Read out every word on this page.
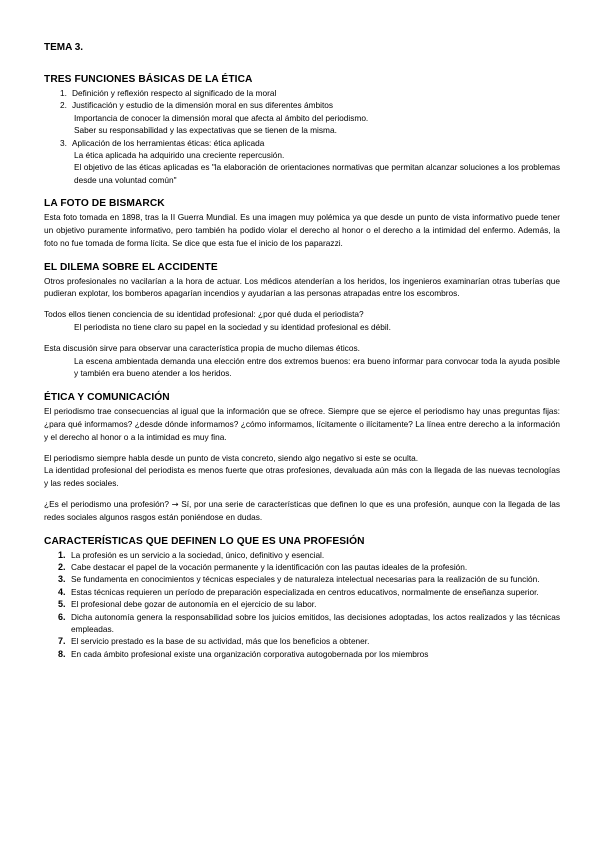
TEMA 3.
TRES FUNCIONES BÁSICAS DE LA ÉTICA
1. Definición y reflexión respecto al significado de la moral
2. Justificación y estudio de la dimensión moral en sus diferentes ámbitos
Importancia de conocer la dimensión moral que afecta al ámbito del periodismo.
Saber su responsabilidad y las expectativas que se tienen de la misma.
3. Aplicación de los herramientas éticas: ética aplicada
La ética aplicada ha adquirido una creciente repercusión.
El objetivo de las éticas aplicadas es "la elaboración de orientaciones normativas que permitan alcanzar soluciones a los problemas desde una voluntad común"
LA FOTO DE BISMARCK

Esta foto tomada en 1898, tras la II Guerra Mundial. Es una imagen muy polémica ya que desde un punto de vista informativo puede tener un objetivo puramente informativo, pero también ha podido violar el derecho al honor o el derecho a la intimidad del enfermo. Además, la foto no fue tomada de forma lícita. Se dice que esta fue el inicio de los paparazzi.

EL DILEMA SOBRE EL ACCIDENTE

Otros profesionales no vacilarían a la hora de actuar. Los médicos atenderían a los heridos, los ingenieros examinarían otras tuberías que pudieran explotar, los bomberos apagarían incendios y ayudarían a las personas atrapadas entre los escombros.

Todos ellos tienen conciencia de su identidad profesional: ¿por qué duda el periodista?

El periodista no tiene claro su papel en la sociedad y su identidad profesional es débil.

Esta discusión sirve para observar una característica propia de mucho dilemas éticos.

La escena ambientada demanda una elección entre dos extremos buenos: era bueno informar para convocar toda la ayuda posible y también era bueno atender a los heridos.

ÉTICA Y COMUNICACIÓN

El periodismo trae consecuencias al igual que la información que se ofrece. Siempre que se ejerce el periodismo hay unas preguntas fijas: ¿para qué informamos? ¿desde dónde informamos? ¿cómo informamos, lícitamente o ilícitamente? La línea entre derecho a la información y el derecho al honor o a la intimidad es muy fina.

El periodismo siempre habla desde un punto de vista concreto, siendo algo negativo si este se oculta.

La identidad profesional del periodista es menos fuerte que otras profesiones, devaluada aún más con la llegada de las nuevas tecnologías y las redes sociales.

¿Es el periodismo una profesión? → Sí, por una serie de características que definen lo que es una profesión, aunque con la llegada de las redes sociales algunos rasgos están poniéndose en dudas.

CARACTERÍSTICAS QUE DEFINEN LO QUE ES UNA PROFESIÓN
1. La profesión es un servicio a la sociedad, único, definitivo y esencial.
2. Cabe destacar el papel de la vocación permanente y la identificación con las pautas ideales de la profesión.
3. Se fundamenta en conocimientos y técnicas especiales y de naturaleza intelectual necesarias para la realización de su función.
4. Estas técnicas requieren un período de preparación especializada en centros educativos, normalmente de enseñanza superior.
5. El profesional debe gozar de autonomía en el ejercicio de su labor.
6. Dicha autonomía genera la responsabilidad sobre los juicios emitidos, las decisiones adoptadas, los actos realizados y las técnicas empleadas.
7. El servicio prestado es la base de su actividad, más que los beneficios a obtener.
8. En cada ámbito profesional existe una organización corporativa autogobernada por los miembros
